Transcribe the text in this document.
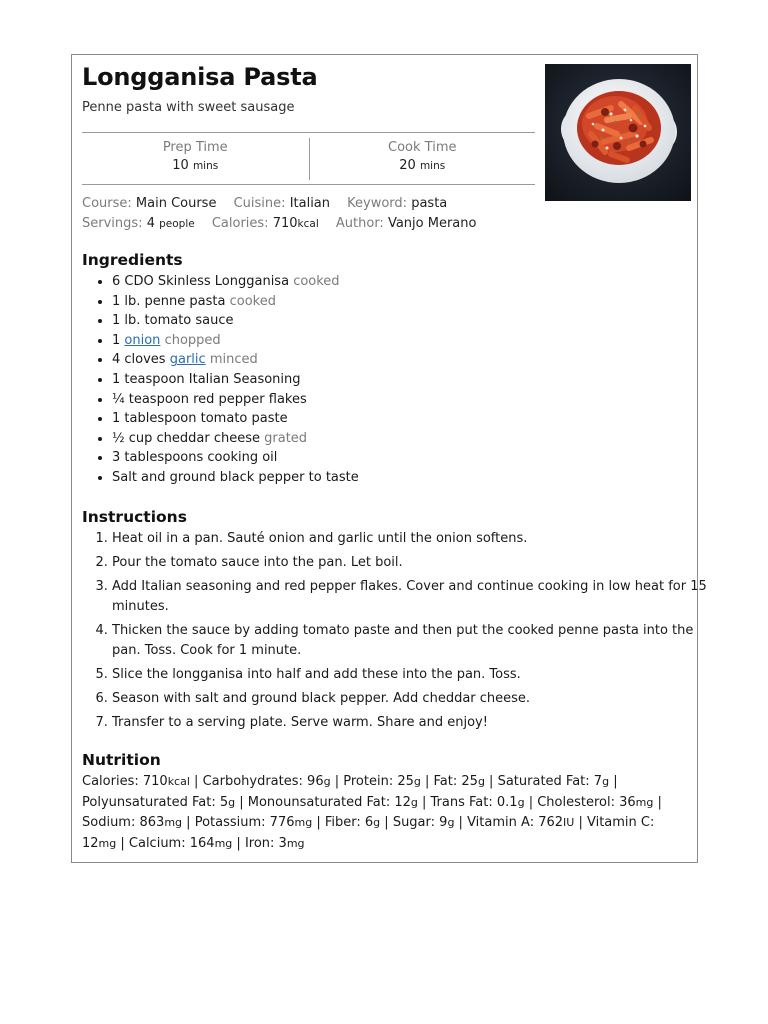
Longganisa Pasta

Penne pasta with sweet sausage

Prep Time
10 mins
Cook Time
20 mins
Course: Main Course Cuisine: Italian Keyword: pasta
Servings: 4 people Calories: 710kcal Author: Vanjo Merano
Ingredients
• 6 CDO Skinless Longganisa cooked
• 1 lb. penne pasta cooked
• 1 lb. tomato sauce
• 1 onion chopped
• 4 cloves garlic minced
• 1 teaspoon Italian Seasoning
• ¼ teaspoon red pepper flakes
• 1 tablespoon tomato paste
• ½ cup cheddar cheese grated
• 3 tablespoons cooking oil
• Salt and ground black pepper to taste
Instructions
1. Heat oil in a pan. Sauté onion and garlic until the onion softens.
2. Pour the tomato sauce into the pan. Let boil.
3. Add Italian seasoning and red pepper flakes. Cover and continue cooking in low heat for 15 minutes.
4. Thicken the sauce by adding tomato paste and then put the cooked penne pasta into the pan. Toss. Cook for 1 minute.
5. Slice the longganisa into half and add these into the pan. Toss.
6. Season with salt and ground black pepper. Add cheddar cheese.
7. Transfer to a serving plate. Serve warm. Share and enjoy!
Nutrition

Calories: 710kcal | Carbohydrates: 96g | Protein: 25g | Fat: 25g | Saturated Fat: 7g | Polyunsaturated Fat: 5g | Monounsaturated Fat: 12g | Trans Fat: 0.1g | Cholesterol: 36mg | Sodium: 863mg | Potassium: 776mg | Fiber: 6g | Sugar: 9g | Vitamin A: 762IU | Vitamin C: 12mg | Calcium: 164mg | Iron: 3mg
